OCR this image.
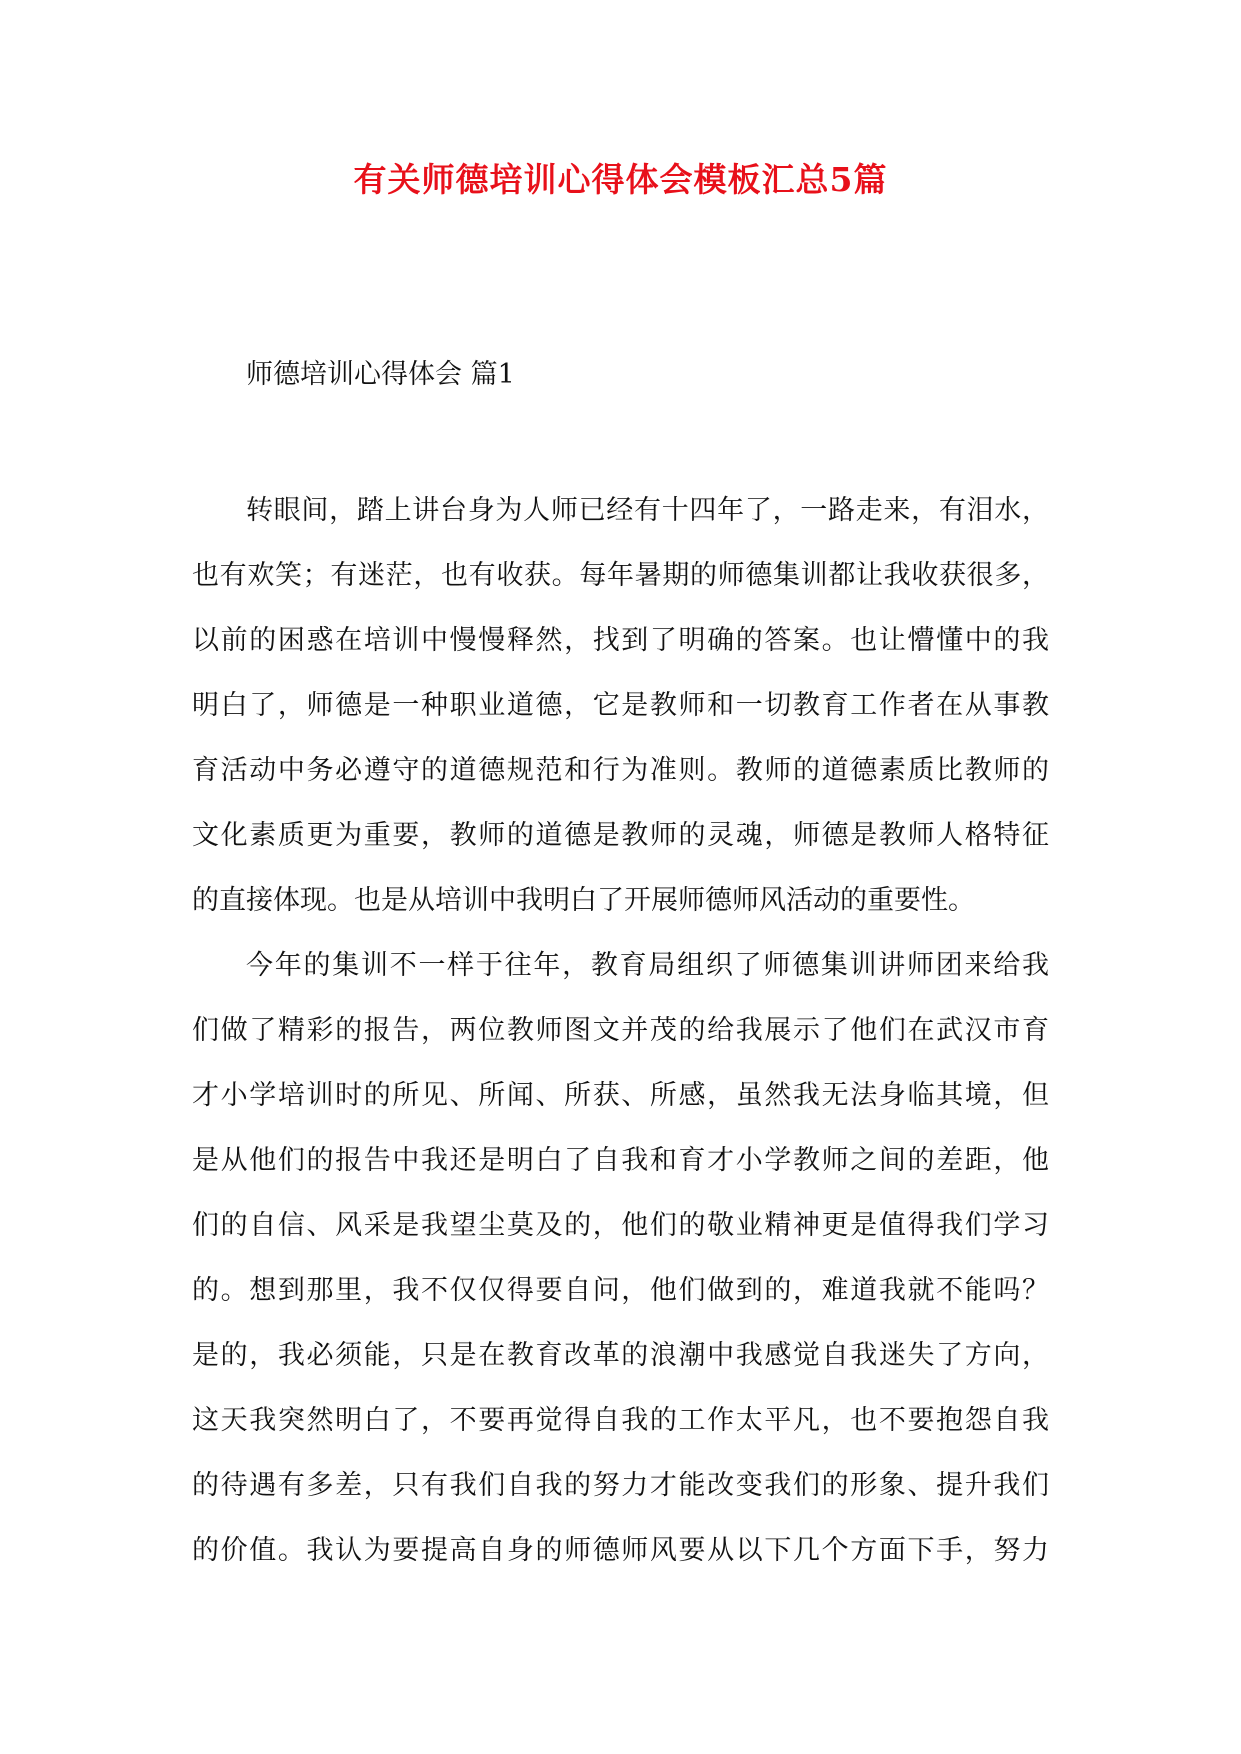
有关师德培训心得体会模板汇总5篇
师德培训心得体会 篇1
转眼间，踏上讲台身为人师已经有十四年了，一路走来，有泪水，
也有欢笑；有迷茫，也有收获。每年暑期的师德集训都让我收获很多，
以前的困惑在培训中慢慢释然，找到了明确的答案。也让懵懂中的我
明白了，师德是一种职业道德，它是教师和一切教育工作者在从事教
育活动中务必遵守的道德规范和行为准则。教师的道德素质比教师的
文化素质更为重要，教师的道德是教师的灵魂，师德是教师人格特征
的直接体现。也是从培训中我明白了开展师德师风活动的重要性。
今年的集训不一样于往年，教育局组织了师德集训讲师团来给我
们做了精彩的报告，两位教师图文并茂的给我展示了他们在武汉市育
才小学培训时的所见、所闻、所获、所感，虽然我无法身临其境，但
是从他们的报告中我还是明白了自我和育才小学教师之间的差距，他
们的自信、风采是我望尘莫及的，他们的敬业精神更是值得我们学习
的。想到那里，我不仅仅得要自问，他们做到的，难道我就不能吗？
是的，我必须能，只是在教育改革的浪潮中我感觉自我迷失了方向，
这天我突然明白了，不要再觉得自我的工作太平凡，也不要抱怨自我
的待遇有多差，只有我们自我的努力才能改变我们的形象、提升我们
的价值。我认为要提高自身的师德师风要从以下几个方面下手，努力
